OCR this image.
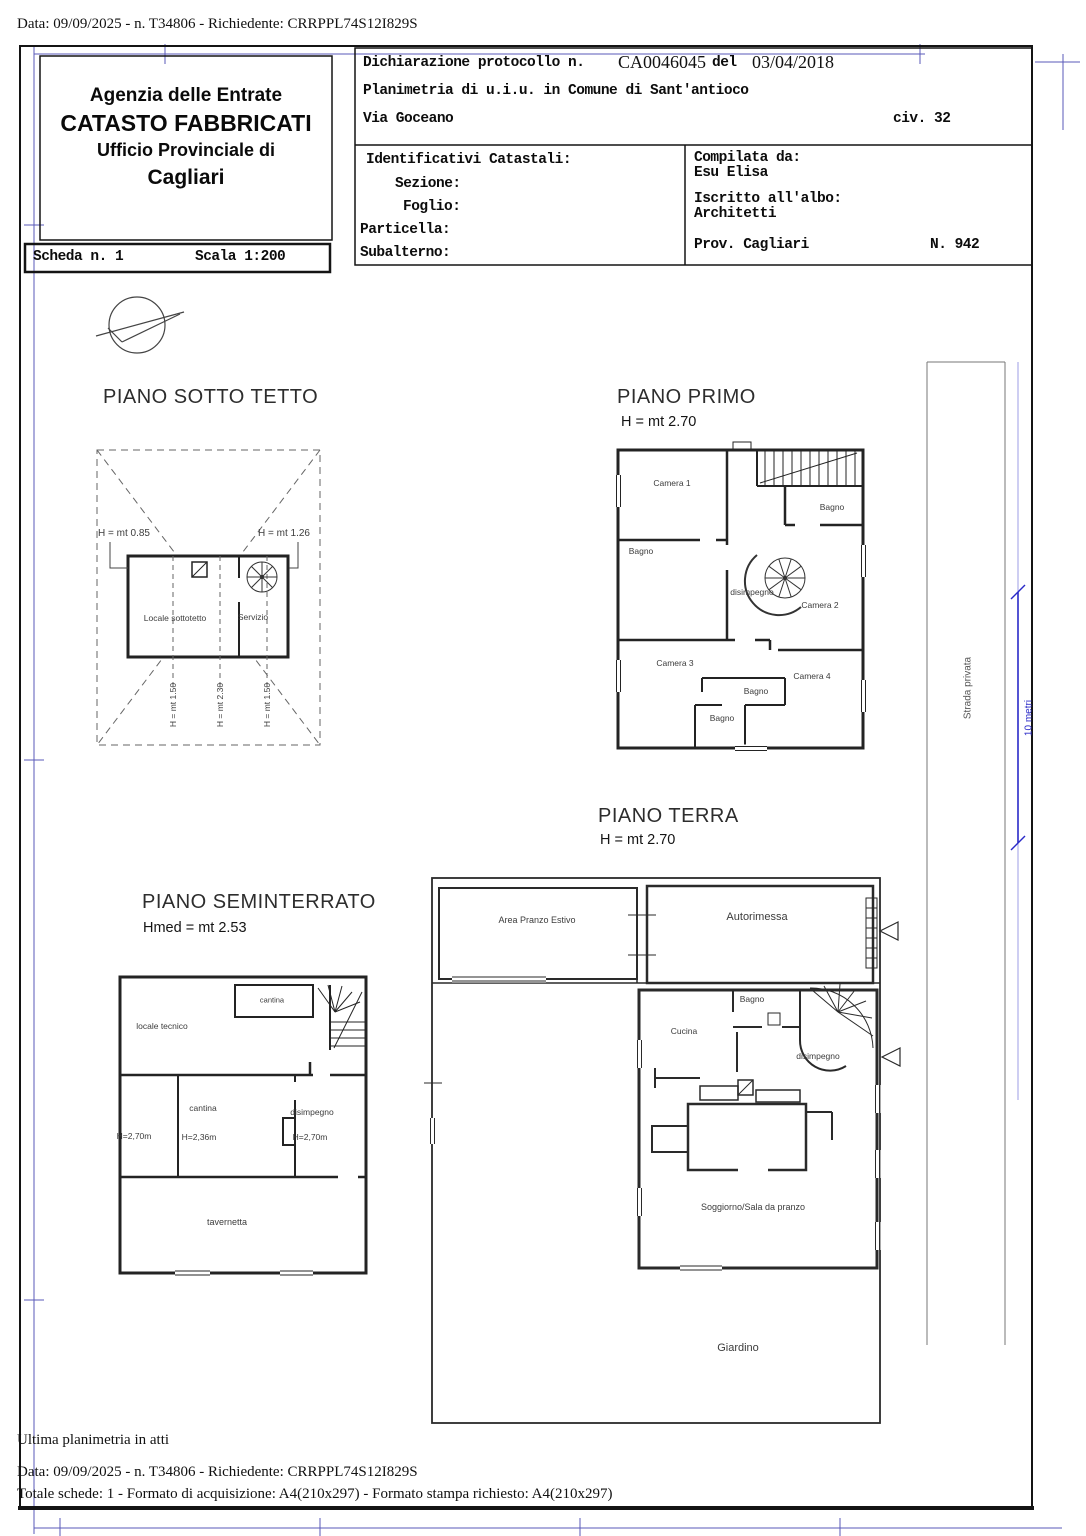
Data: 09/09/2025 - n. T34806 - Richiedente: CRRPPL74S12I829S
Agenzia delle Entrate
CATASTO FABBRICATI
Ufficio Provinciale di
Cagliari
Scheda n. 1	Scala 1:200
Dichiarazione protocollo n. CA0046045 del 03/04/2018
Planimetria di u.i.u. in Comune di Sant'antioco
Via Goceano	civ. 32
Identificativi Catastali:
Sezione:
Foglio:
Particella:
Subalterno:
Compilata da:
Esu Elisa
Iscritto all'albo:
Architetti
Prov. Cagliari	N. 942
PIANO SOTTO TETTO	PIANO PRIMO
H = mt 2.70
PIANO TERRA
H = mt 2.70
PIANO SEMINTERRATO
Hmed = mt 2.53
H = mt 0.85	H = mt 1.26
Locale sottotetto	Servizio
H = mt 1.50	H = mt 2.30	H = mt 1.50
Camera 1
Bagno
Bagno
disimpegno
Camera 2
Camera 3
Camera 4
Bagno
Bagno
Area Pranzo Estivo	Autorimessa
Bagno
Cucina
disimpegno
Soggiorno/Sala da pranzo
Giardino
cantina
locale tecnico
cantina	disimpegno
H=2,70m	H=2,36m	H=2,70m
tavernetta
Strada privata	10 metri
Ultima planimetria in atti
Data: 09/09/2025 - n. T34806 - Richiedente: CRRPPL74S12I829S
Totale schede: 1 - Formato di acquisizione: A4(210x297) - Formato stampa richiesto: A4(210x297)
